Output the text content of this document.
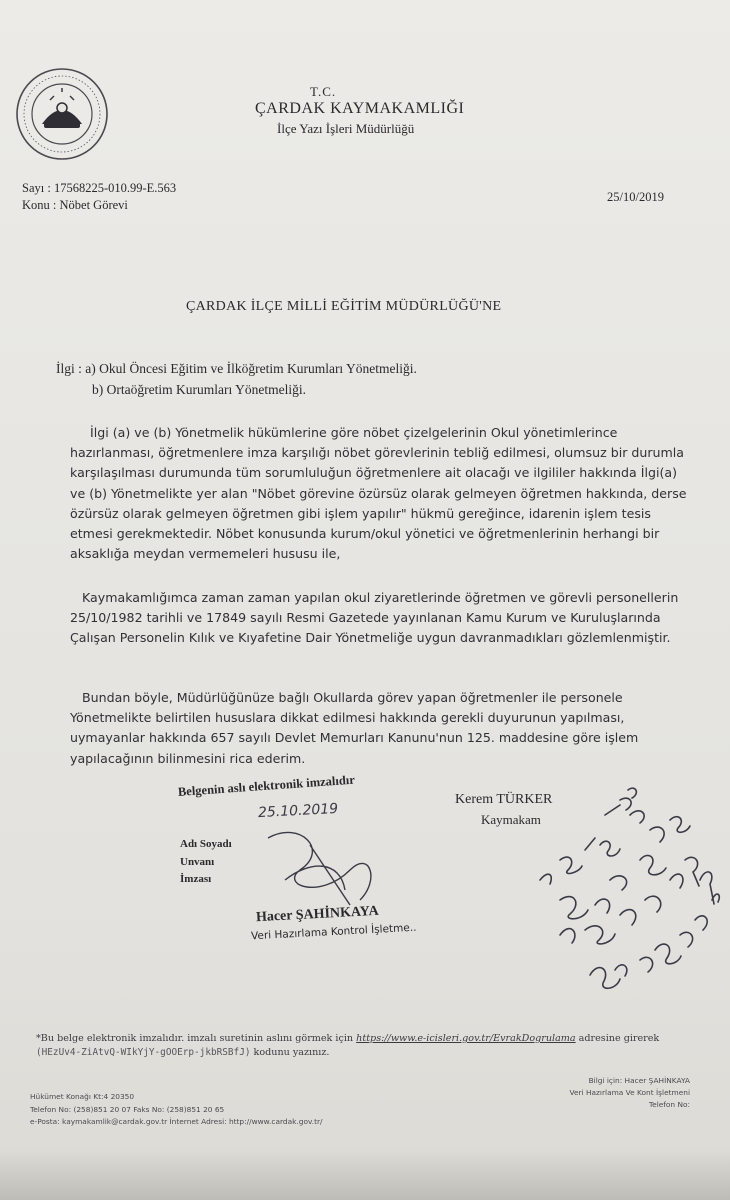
T.C.
ÇARDAK KAYMAKAMLIĞI
İlçe Yazı İşleri Müdürlüğü
Sayı : 17568225-010.99-E.563
Konu : Nöbet Görevi
25/10/2019
ÇARDAK İLÇE MİLLİ EĞİTİM MÜDÜRLÜĞÜ'NE
İlgi : a) Okul Öncesi Eğitim ve İlköğretim Kurumları Yönetmeliği.
b) Ortaöğretim Kurumları Yönetmeliği.
İlgi (a) ve (b) Yönetmelik hükümlerine göre nöbet çizelgelerinin Okul yönetimlerince hazırlanması, öğretmenlere imza karşılığı nöbet görevlerinin tebliğ edilmesi, olumsuz bir durumla karşılaşılması durumunda tüm sorumluluğun öğretmenlere ait olacağı ve ilgililer hakkında İlgi(a) ve (b) Yönetmelikte yer alan "Nöbet görevine özürsüz olarak gelmeyen öğretmen hakkında, derse özürsüz olarak gelmeyen öğretmen gibi işlem yapılır" hükmü gereğince, idarenin işlem tesis etmesi gerekmektedir. Nöbet konusunda kurum/okul yönetici ve öğretmenlerinin herhangi bir aksaklığa meydan vermemeleri hususu ile,
Kaymakamlığımca zaman zaman yapılan okul ziyaretlerinde öğretmen ve görevli personellerin 25/10/1982 tarihli ve 17849 sayılı Resmi Gazetede yayınlanan Kamu Kurum ve Kuruluşlarında Çalışan Personelin Kılık ve Kıyafetine Dair Yönetmeliğe uygun davranmadıkları gözlemlenmiştir.
Bundan böyle, Müdürlüğünüze bağlı Okullarda görev yapan öğretmenler ile personele Yönetmelikte belirtilen hususlara dikkat edilmesi hakkında gerekli duyurunun yapılması, uymayanlar hakkında 657 sayılı Devlet Memurları Kanunu'nun 125. maddesine göre işlem yapılacağının bilinmesini rica ederim.
Belgenin aslı elektronik imzalıdır
Adı Soyadı
Unvanı
İmzası
Hacer ŞAHİNKAYA
Veri Hazırlama Kontrol İşletme..
25.10.2019
Kerem TÜRKER
Kaymakam
*Bu belge elektronik imzalıdır. imzalı suretinin aslını görmek için https://www.e-icisleri.gov.tr/EvrakDogrulama adresine girerek (HEzUv4-ZiAtvQ-WIkYjY-gOOErp-jkbRSBfJ) kodunu yazınız.
Hükümet Konağı Kt:4 20350
Telefon No: (258)851 20 07 Faks No: (258)851 20 65
e-Posta: kaymakamlik@cardak.gov.tr İnternet Adresi: http://www.cardak.gov.tr/
Bilgi için: Hacer ŞAHİNKAYA
Veri Hazırlama Ve Kont İşletmeni
Telefon No:
